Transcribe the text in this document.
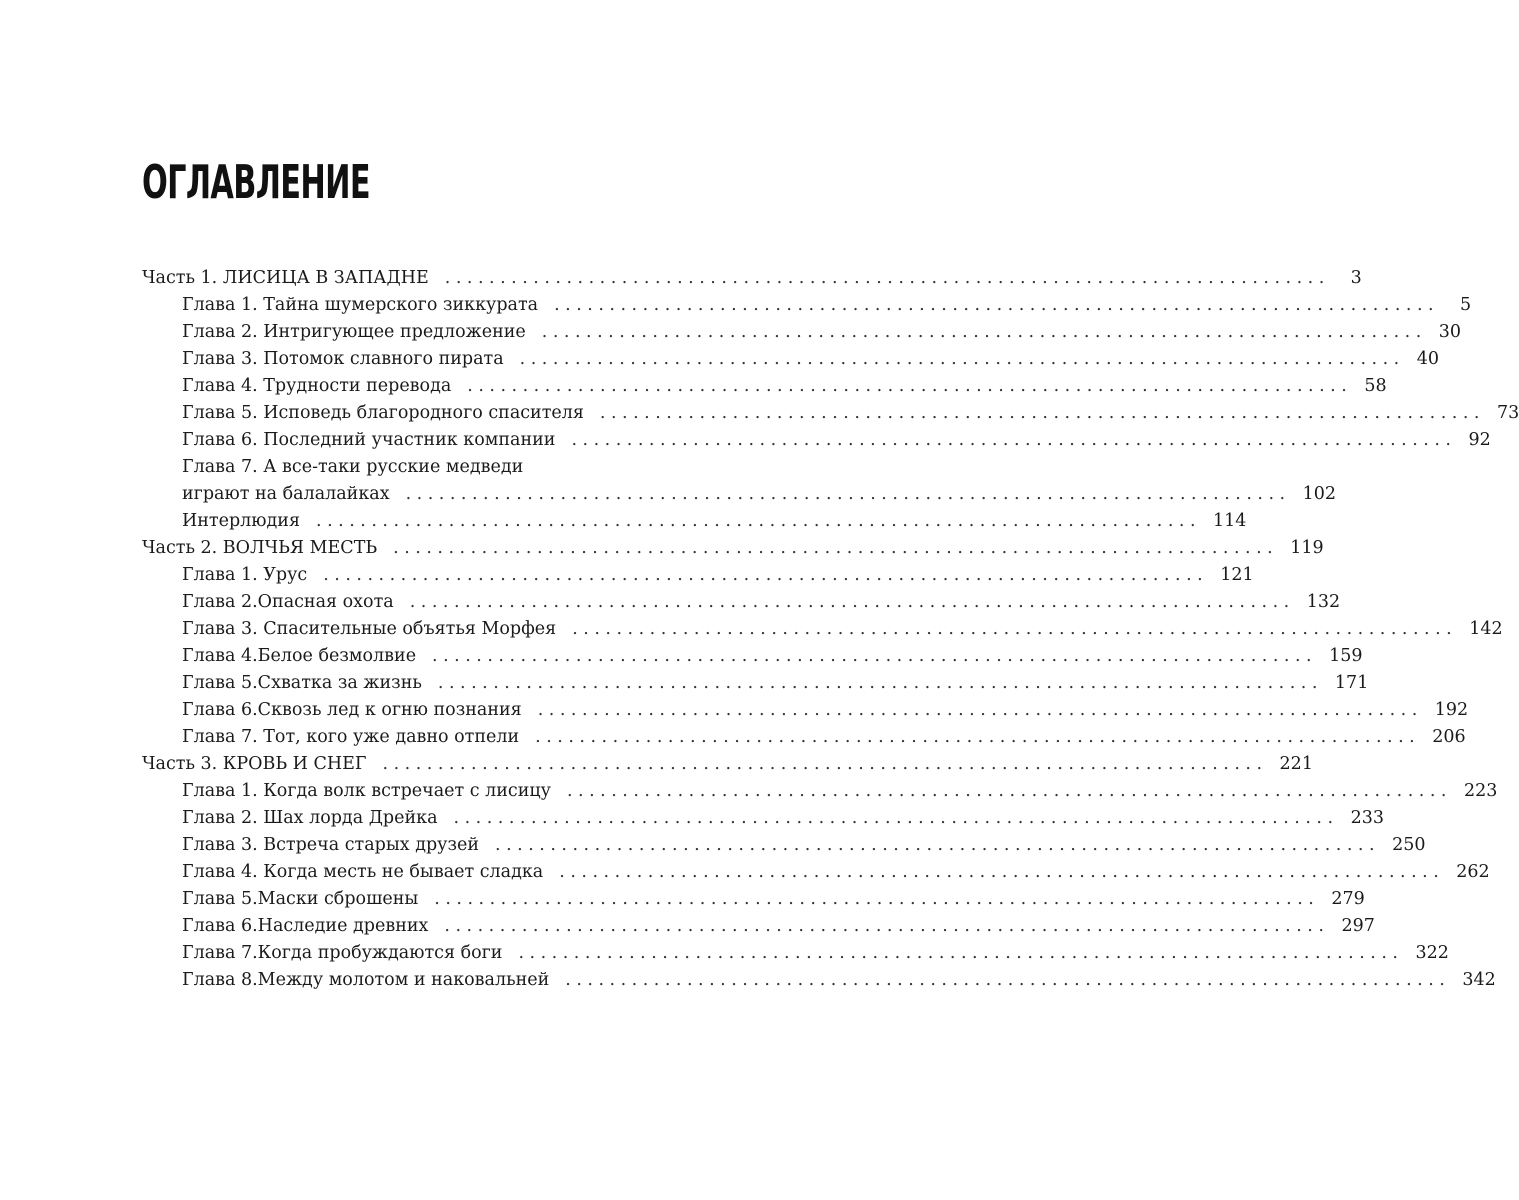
ОГЛАВЛЕНИЕ
Часть 1. ЛИСИЦА В ЗАПАДНЕ ................................................................................	3
Глава 1. Тайна шумерского зиккурата ................................................................................	5
Глава 2. Интригующее предложение ................................................................................ 30
Глава 3. Потомок славного пирата ................................................................................ 40
Глава 4. Трудности перевода ................................................................................ 58
Глава 5. Исповедь благородного спасителя ................................................................................ 73
Глава 6. Последний участник компании ................................................................................ 92
Глава 7. А все-таки русские медведи
играют на балалайках ................................................................................ 102
Интерлюдия ................................................................................ 114
Часть 2. ВОЛЧЬЯ МЕСТЬ ................................................................................ 119
Глава 1. Урус ................................................................................ 121
Глава 2.Опасная охота ................................................................................ 132
Глава 3. Спасительные объятья Морфея ................................................................................ 142
Глава 4.Белое безмолвие ................................................................................ 159
Глава 5.Схватка за жизнь ................................................................................ 171
Глава 6.Сквозь лед к огню познания ................................................................................ 192
Глава 7. Тот, кого уже давно отпели ................................................................................ 206
Часть 3. КРОВЬ И СНЕГ ................................................................................ 221
Глава 1. Когда волк встречает с лисицу ................................................................................ 223
Глава 2. Шах лорда Дрейка ................................................................................ 233
Глава 3. Встреча старых друзей ................................................................................ 250
Глава 4. Когда месть не бывает сладка ................................................................................ 262
Глава 5.Маски сброшены ................................................................................ 279
Глава 6.Наследие древних ................................................................................ 297
Глава 7.Когда пробуждаются боги ................................................................................ 322
Глава 8.Между молотом и наковальней ................................................................................ 342
